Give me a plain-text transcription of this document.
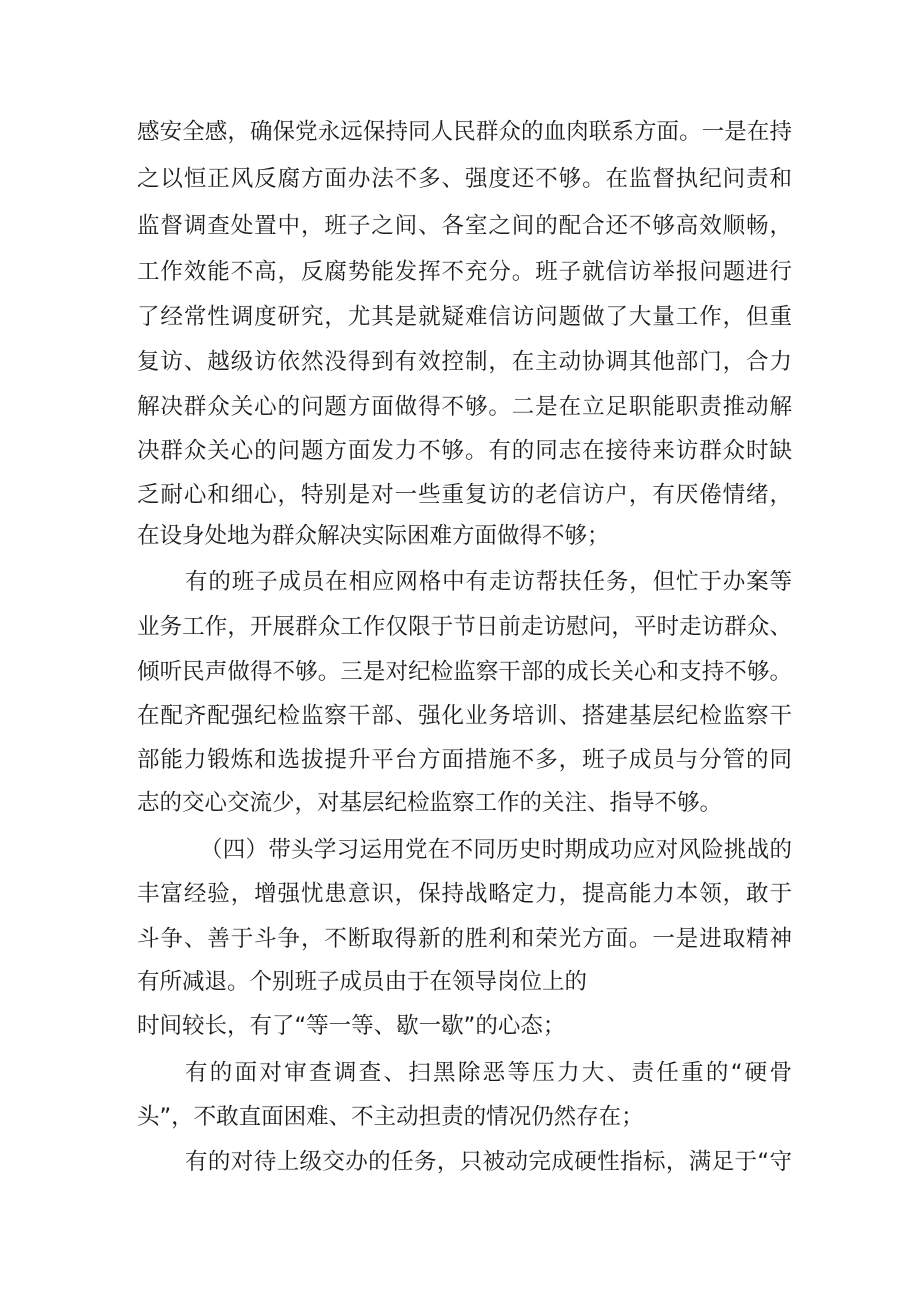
感安全感，确保党永远保持同人民群众的血肉联系方面。一是在持
之以恒正风反腐方面办法不多、强度还不够。在监督执纪问责和
监督调查处置中，班子之间、各室之间的配合还不够高效顺畅，
工作效能不高，反腐势能发挥不充分。班子就信访举报问题进行
了经常性调度研究，尤其是就疑难信访问题做了大量工作，但重
复访、越级访依然没得到有效控制，在主动协调其他部门，合力
解决群众关心的问题方面做得不够。二是在立足职能职责推动解
决群众关心的问题方面发力不够。有的同志在接待来访群众时缺
乏耐心和细心，特别是对一些重复访的老信访户，有厌倦情绪，
在设身处地为群众解决实际困难方面做得不够；
有的班子成员在相应网格中有走访帮扶任务，但忙于办案等
业务工作，开展群众工作仅限于节日前走访慰问，平时走访群众、
倾听民声做得不够。三是对纪检监察干部的成长关心和支持不够。
在配齐配强纪检监察干部、强化业务培训、搭建基层纪检监察干
部能力锻炼和选拔提升平台方面措施不多，班子成员与分管的同
志的交心交流少，对基层纪检监察工作的关注、指导不够。
（四）带头学习运用党在不同历史时期成功应对风险挑战的
丰富经验，增强忧患意识，保持战略定力，提高能力本领，敢于
斗争、善于斗争，不断取得新的胜利和荣光方面。一是进取精神
有所减退。个别班子成员由于在领导岗位上的
时间较长，有了“等一等、歇一歇”的心态；
有的面对审查调查、扫黑除恶等压力大、责任重的“硬骨
头”，不敢直面困难、不主动担责的情况仍然存在；
有的对待上级交办的任务，只被动完成硬性指标，满足于“守
